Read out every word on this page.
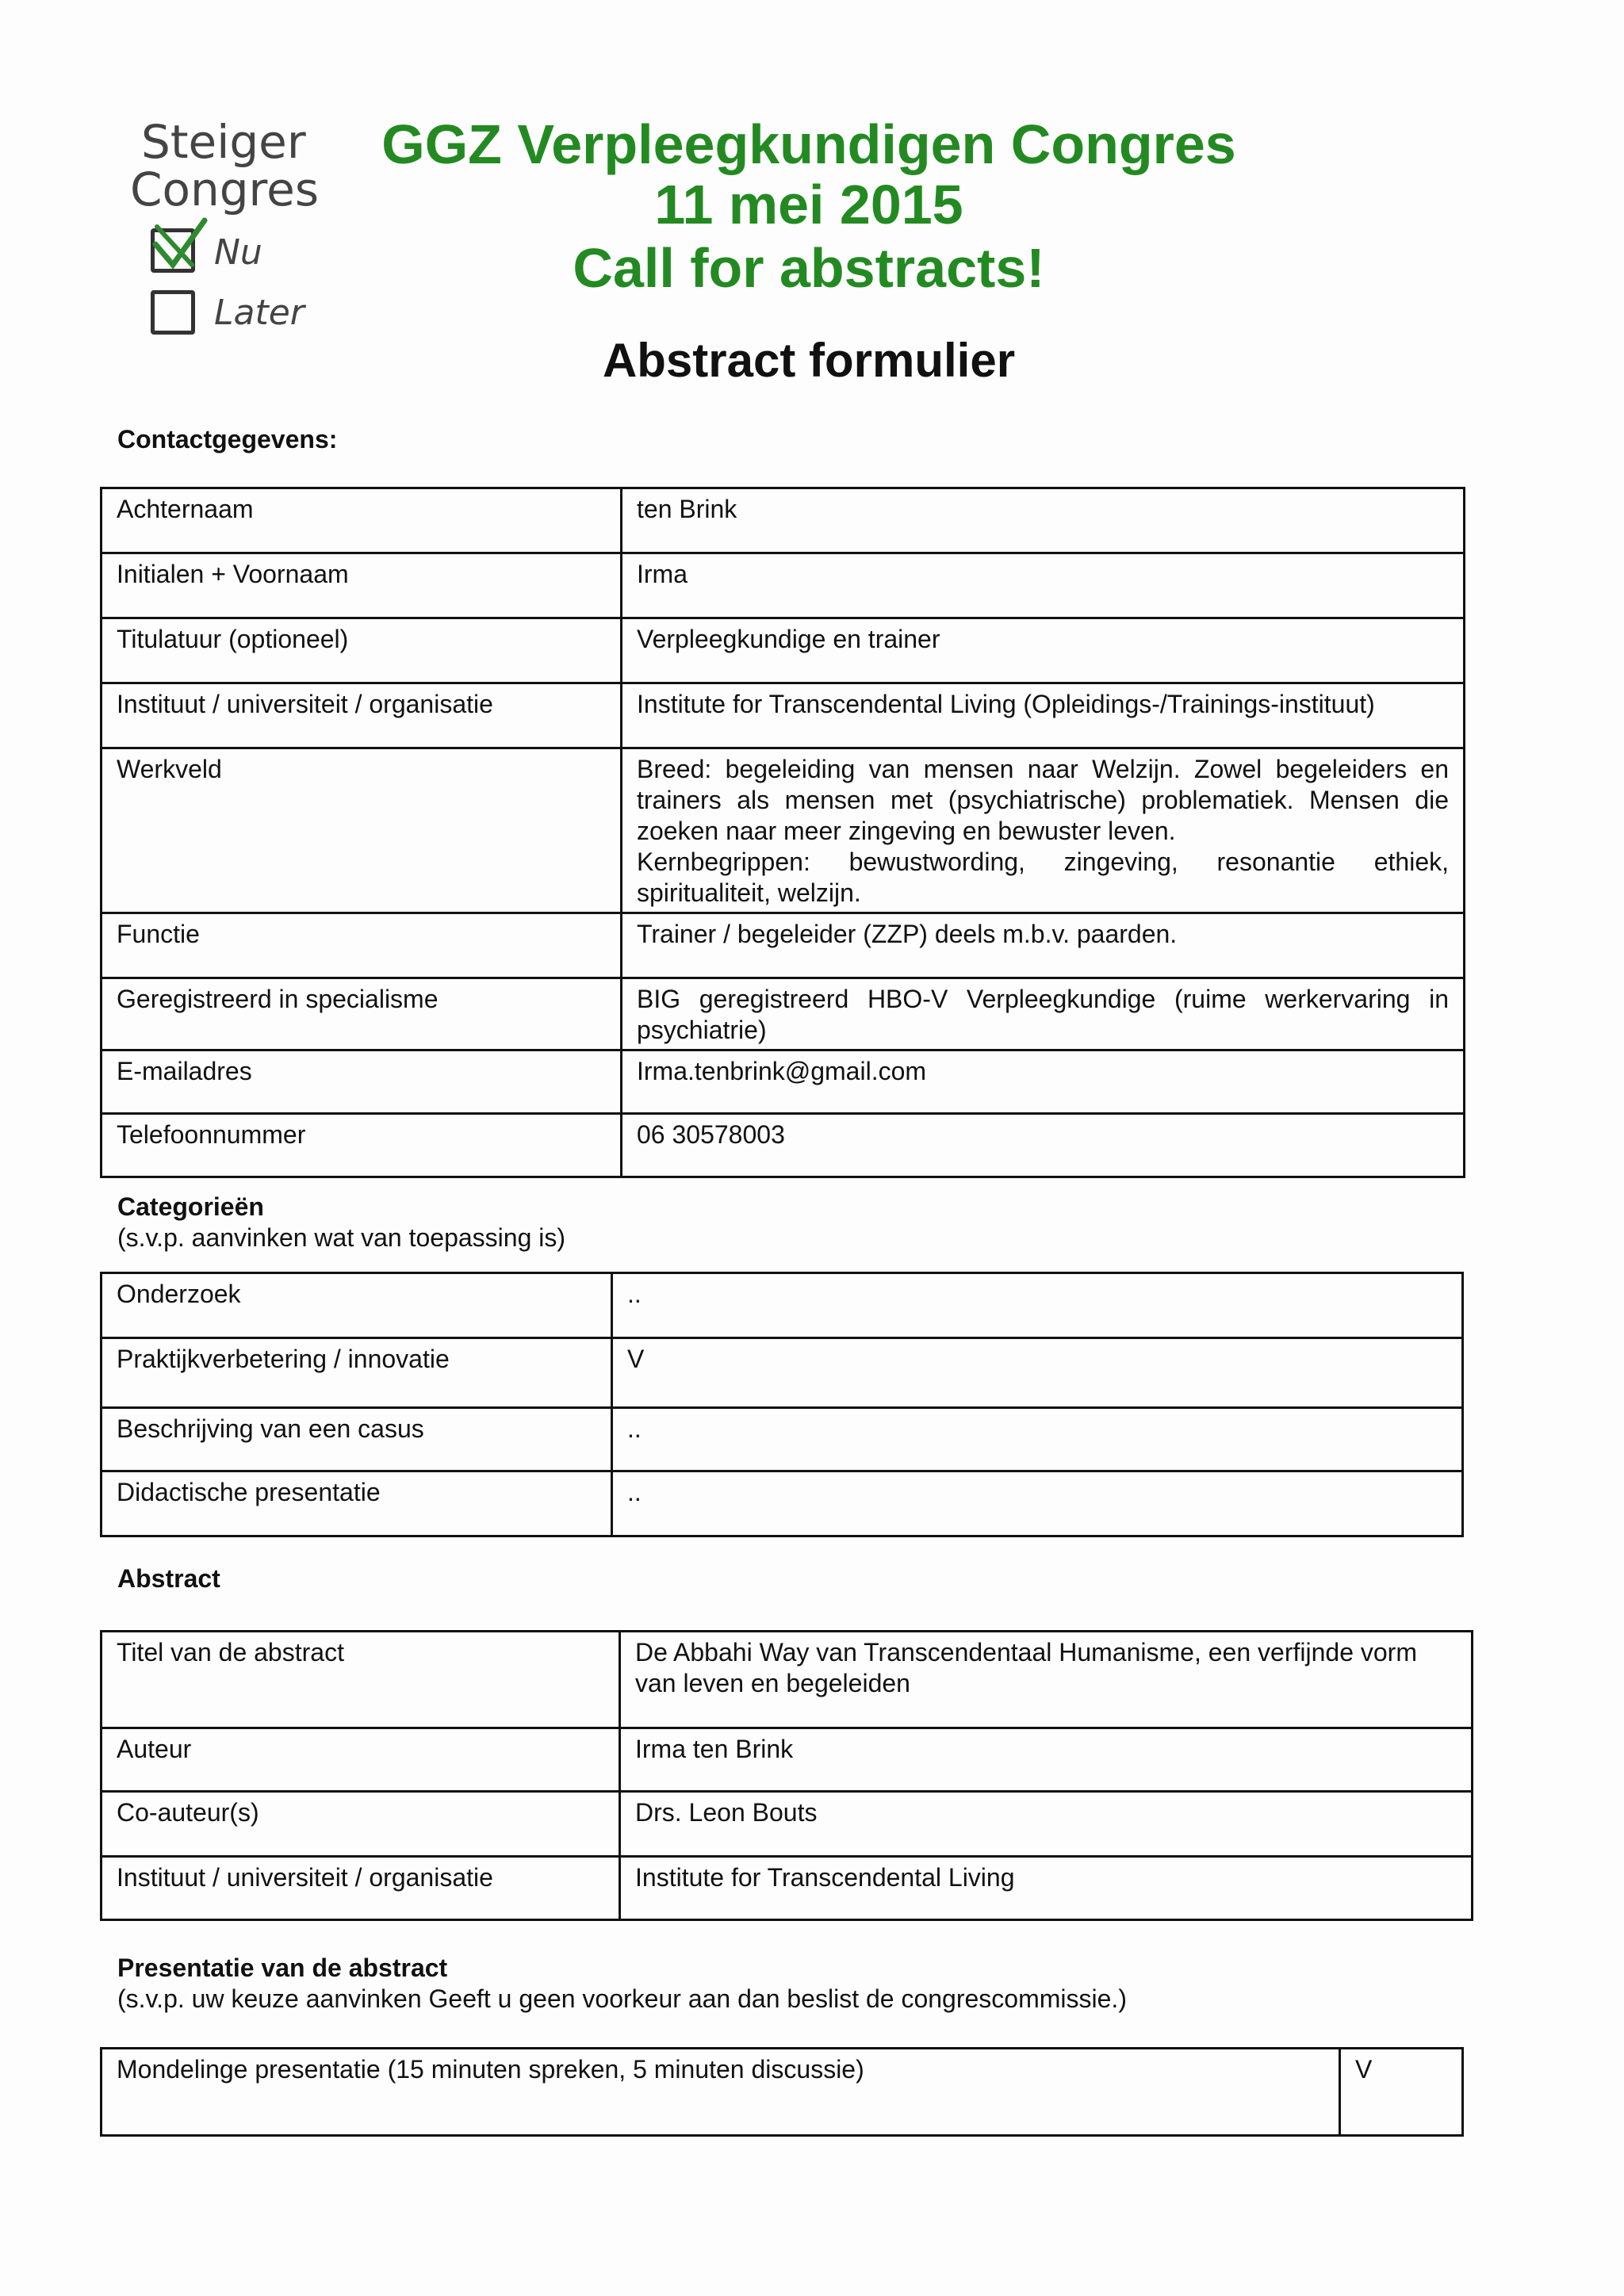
Steiger
Congres
Nu
Later
GGZ Verpleegkundigen Congres
11 mei 2015
Call for abstracts!
Abstract formulier
Contactgegevens:
Achternaam	ten Brink
Initialen + Voornaam	Irma
Titulatuur (optioneel)	Verpleegkundige en trainer
Instituut / universiteit / organisatie	Institute for Transcendental Living (Opleidings-/Trainings-instituut)
Werkveld	Breed: begeleiding van mensen naar Welzijn. Zowel begeleiders en trainers als mensen met (psychiatrische) problematiek. Mensen die zoeken naar meer zingeving en bewuster leven.
Kernbegrippen: bewustwording, zingeving, resonantie ethiek, spiritualiteit, welzijn.

Functie	Trainer / begeleider (ZZP) deels m.b.v. paarden.
Geregistreerd in specialisme	BIG geregistreerd HBO-V Verpleegkundige (ruime werkervaring in psychiatrie)
E-mailadres	Irma.tenbrink@gmail.com
Telefoonnummer	06 30578003
Categorieën
(s.v.p. aanvinken wat van toepassing is)
Onderzoek	..
Praktijkverbetering / innovatie	V
Beschrijving van een casus	..
Didactische presentatie	..
Abstract
Titel van de abstract	De Abbahi Way van Transcendentaal Humanisme, een verfijnde vorm van leven en begeleiden
Auteur	Irma ten Brink
Co-auteur(s)	Drs. Leon Bouts
Instituut / universiteit / organisatie	Institute for Transcendental Living
Presentatie van de abstract
(s.v.p. uw keuze aanvinken Geeft u geen voorkeur aan dan beslist de congrescommissie.)
Mondelinge presentatie (15 minuten spreken, 5 minuten discussie)	V
